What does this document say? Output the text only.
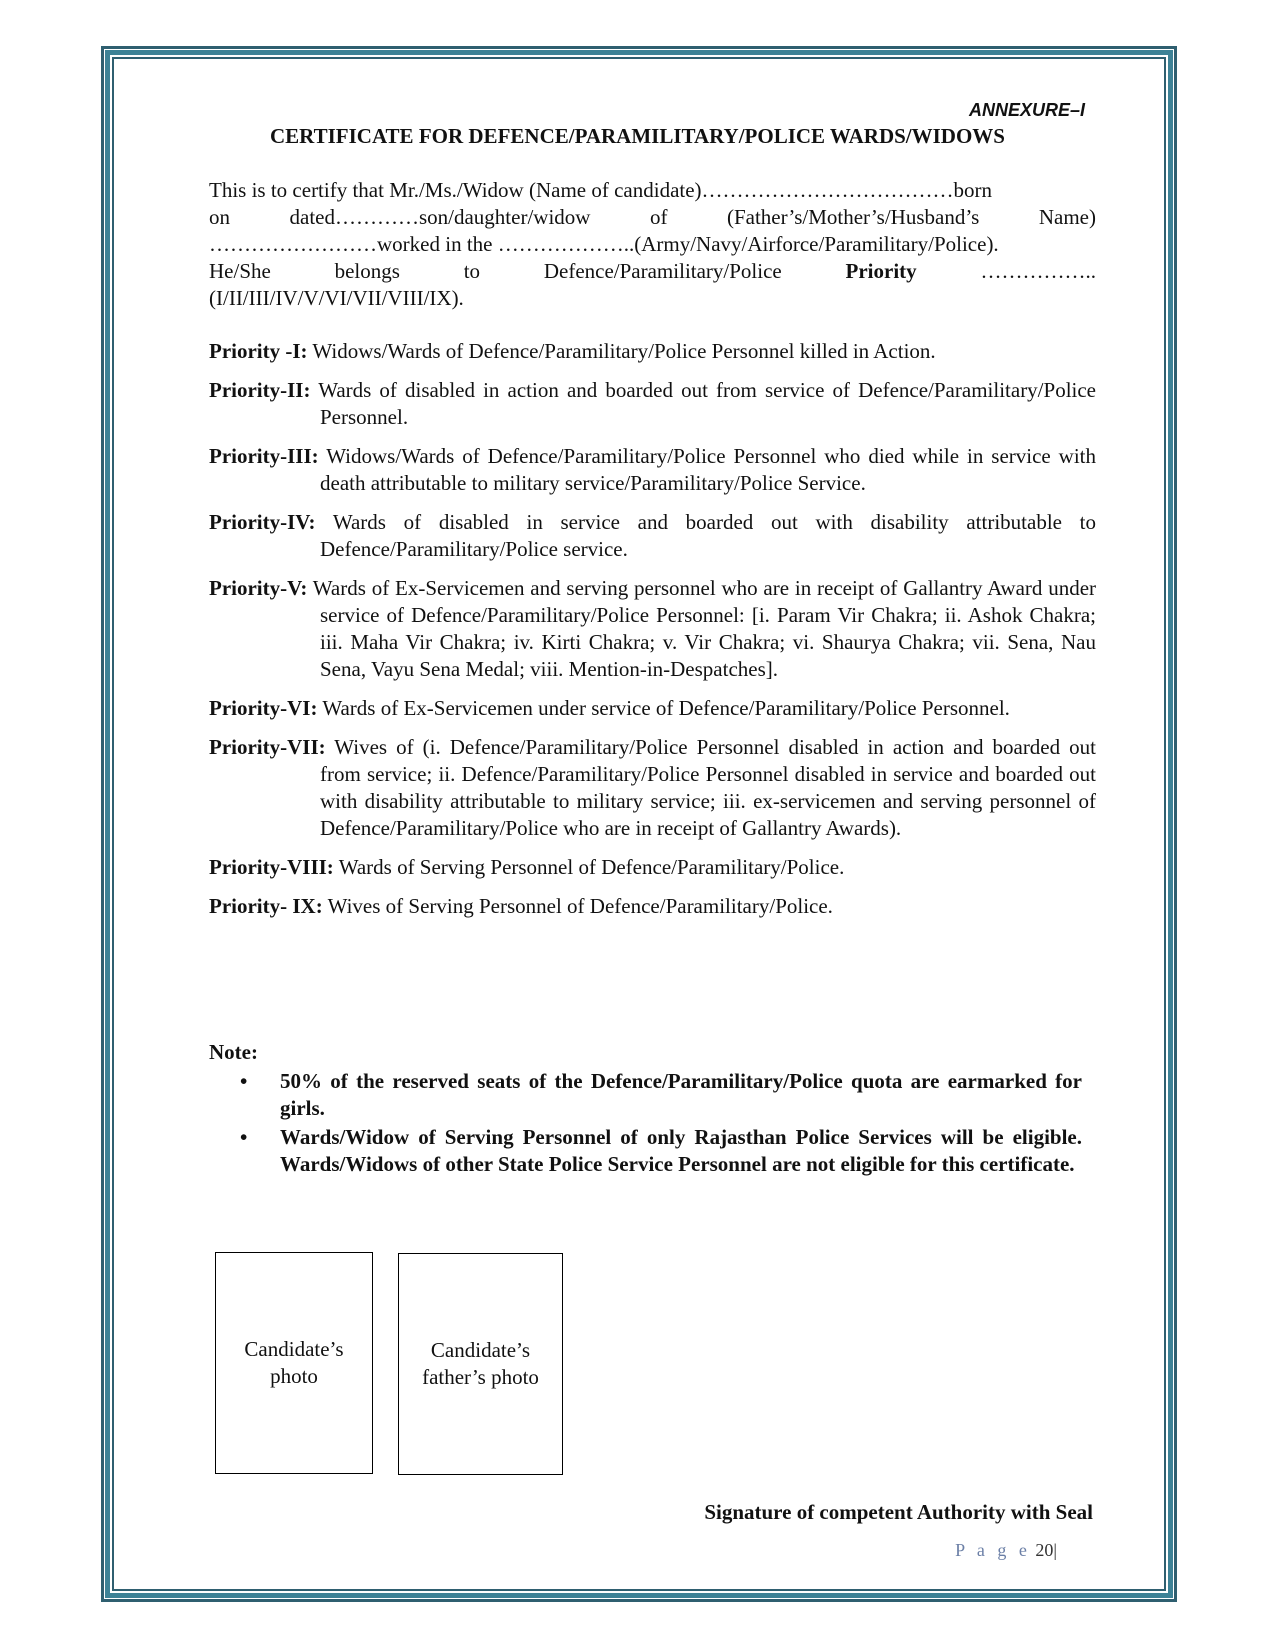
ANNEXURE–I
CERTIFICATE FOR DEFENCE/PARAMILITARY/POLICE WARDS/WIDOWS
This is to certify that Mr./Ms./Widow (Name of candidate)………………………………born
on	dated…………son/daughter/widow	of	(Father’s/Mother’s/Husband’s	Name)
……………………worked in the ………………..(Army/Navy/Airforce/Paramilitary/Police).
He/She	belongs	to	Defence/Paramilitary/Police	Priority	……………..
(I/II/III/IV/V/VI/VII/VIII/IX).

Priority -I: Widows/Wards of Defence/Paramilitary/Police Personnel killed in Action.

Priority-II: Wards of disabled in action and boarded out from service of Defence/Paramilitary/Police Personnel.

Priority-III: Widows/Wards of Defence/Paramilitary/Police Personnel who died while in service with death attributable to military service/Paramilitary/Police Service.

Priority-IV: Wards of disabled in service and boarded out with disability attributable to Defence/Paramilitary/Police service.

Priority-V: Wards of Ex-Servicemen and serving personnel who are in receipt of Gallantry Award under service of Defence/Paramilitary/Police Personnel: [i. Param Vir Chakra; ii. Ashok Chakra; iii. Maha Vir Chakra; iv. Kirti Chakra; v. Vir Chakra; vi. Shaurya Chakra; vii. Sena, Nau Sena, Vayu Sena Medal; viii. Mention-in-Despatches].

Priority-VI: Wards of Ex-Servicemen under service of Defence/Paramilitary/Police Personnel.

Priority-VII: Wives of (i. Defence/Paramilitary/Police Personnel disabled in action and boarded out from service; ii. Defence/Paramilitary/Police Personnel disabled in service and boarded out with disability attributable to military service; iii. ex-servicemen and serving personnel of Defence/Paramilitary/Police who are in receipt of Gallantry Awards).

Priority-VIII: Wards of Serving Personnel of Defence/Paramilitary/Police.

Priority- IX: Wives of Serving Personnel of Defence/Paramilitary/Police.

Note:
• 50% of the reserved seats of the Defence/Paramilitary/Police quota are earmarked for girls.
• Wards/Widow of Serving Personnel of only Rajasthan Police Services will be eligible. Wards/Widows of other State Police Service Personnel are not eligible for this certificate.
Candidate’s
photo
Candidate’s
father’s photo
Signature of competent Authority with Seal
P a g e 20|
